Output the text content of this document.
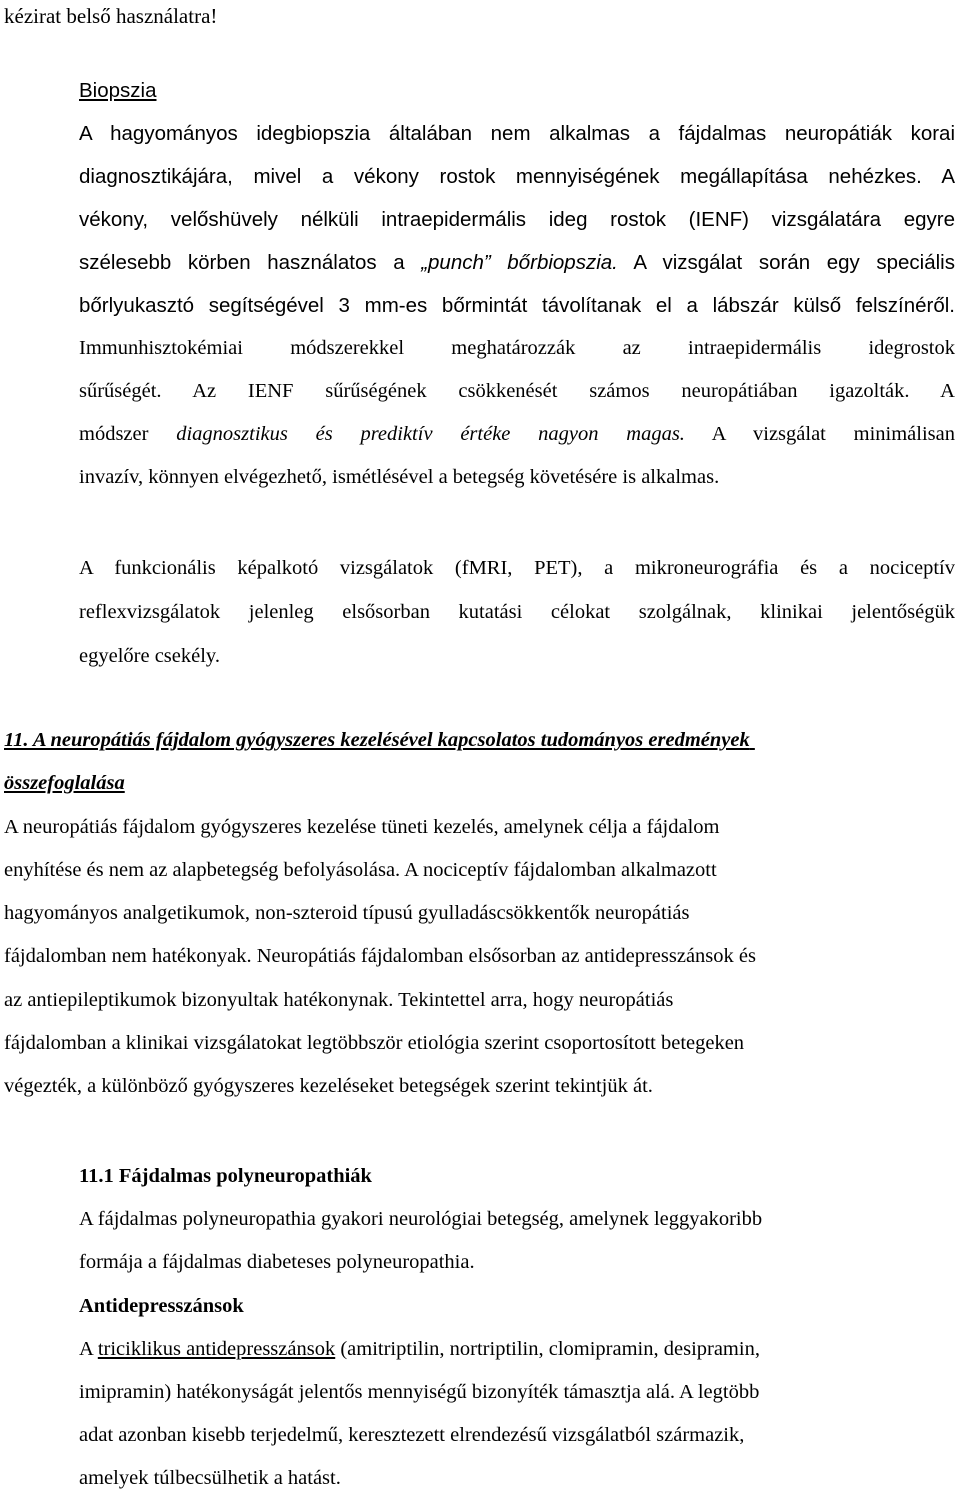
kézirat belső használatra!
Biopszia
A hagyományos idegbiopszia általában nem alkalmas a fájdalmas neuropátiák korai
diagnosztikájára, mivel a vékony rostok mennyiségének megállapítása nehézkes. A
vékony, velőshüvely nélküli intraepidermális ideg rostok (IENF) vizsgálatára egyre
szélesebb körben használatos a „punch” bőrbiopszia. A vizsgálat során egy speciális
bőrlyukasztó segítségével 3 mm-es bőrmintát távolítanak el a lábszár külső felszínéről.
Immunhisztokémiai módszerekkel meghatározzák az intraepidermális idegrostok
sűrűségét. Az IENF sűrűségének csökkenését számos neuropátiában igazolták. A
módszer diagnosztikus és prediktív értéke nagyon magas. A vizsgálat minimálisan
invazív, könnyen elvégezhető, ismétlésével a betegség követésére is alkalmas.
A funkcionális képalkotó vizsgálatok (fMRI, PET), a mikroneurográfia és a nociceptív
reflexvizsgálatok jelenleg elsősorban kutatási célokat szolgálnak, klinikai jelentőségük
egyelőre csekély.
11. A neuropátiás fájdalom gyógyszeres kezelésével kapcsolatos tudományos eredmények
összefoglalása
A neuropátiás fájdalom gyógyszeres kezelése tüneti kezelés, amelynek célja a fájdalom
enyhítése és nem az alapbetegség befolyásolása. A nociceptív fájdalomban alkalmazott
hagyományos analgetikumok, non-szteroid típusú gyulladáscsökkentők neuropátiás
fájdalomban nem hatékonyak. Neuropátiás fájdalomban elsősorban az antidepresszánsok és
az antiepileptikumok bizonyultak hatékonynak. Tekintettel arra, hogy neuropátiás
fájdalomban a klinikai vizsgálatokat legtöbbször etiológia szerint csoportosított betegeken
végezték, a különböző gyógyszeres kezeléseket betegségek szerint tekintjük át.
11.1 Fájdalmas polyneuropathiák
A fájdalmas polyneuropathia gyakori neurológiai betegség, amelynek leggyakoribb
formája a fájdalmas diabeteses polyneuropathia.
Antidepresszánsok
A triciklikus antidepresszánsok (amitriptilin, nortriptilin, clomipramin, desipramin,
imipramin) hatékonyságát jelentős mennyiségű bizonyíték támasztja alá. A legtöbb
adat azonban kisebb terjedelmű, keresztezett elrendezésű vizsgálatból származik,
amelyek túlbecsülhetik a hatást.
